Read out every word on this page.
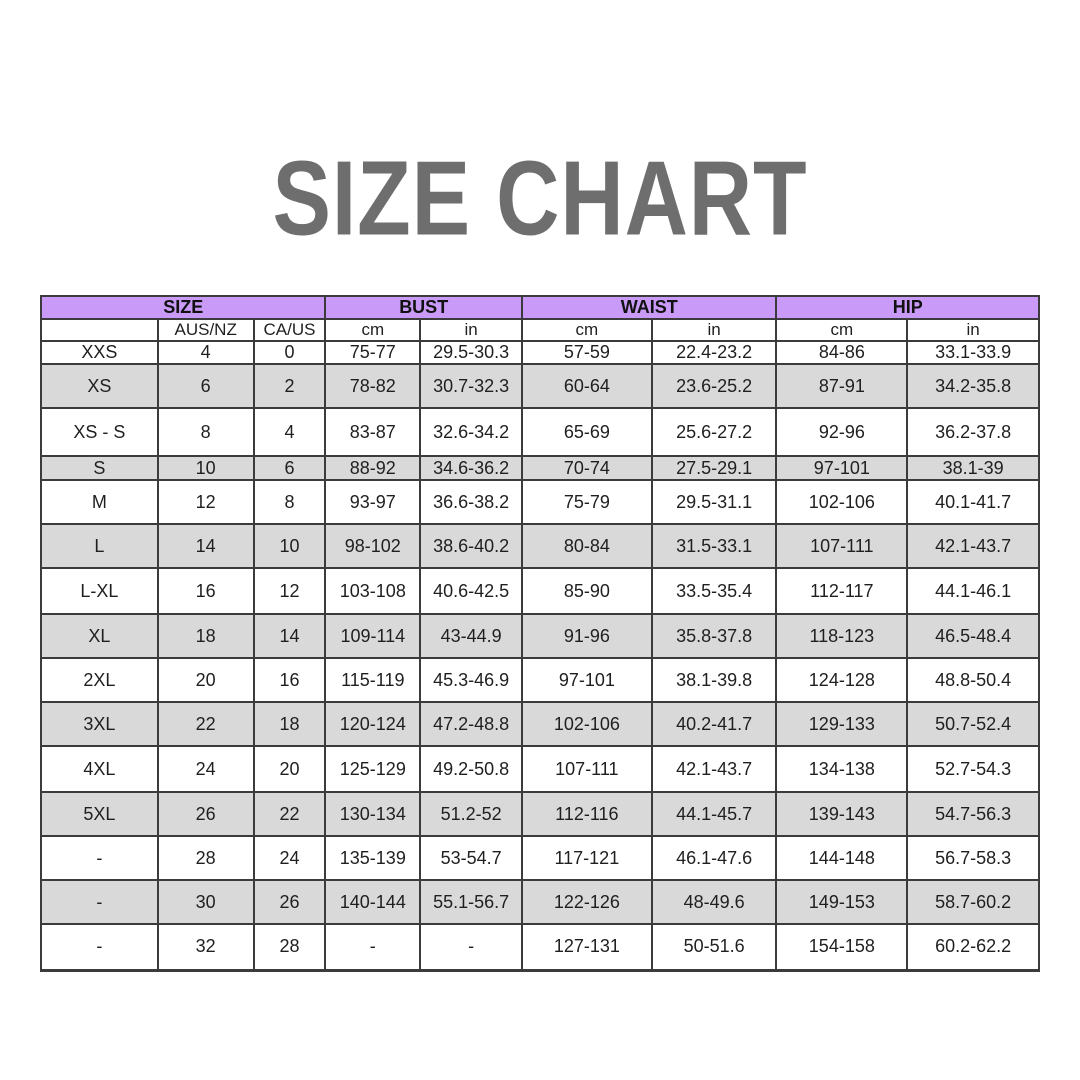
SIZE CHART
SIZE			BUST		WAIST		HIP	
	AUS/NZ	CA/US	cm	in	cm	in	cm	in
XXS	4	0	75-77	29.5-30.3	57-59	22.4-23.2	84-86	33.1-33.9
XS	6	2	78-82	30.7-32.3	60-64	23.6-25.2	87-91	34.2-35.8
XS - S	8	4	83-87	32.6-34.2	65-69	25.6-27.2	92-96	36.2-37.8
S	10	6	88-92	34.6-36.2	70-74	27.5-29.1	97-101	38.1-39
M	12	8	93-97	36.6-38.2	75-79	29.5-31.1	102-106	40.1-41.7
L	14	10	98-102	38.6-40.2	80-84	31.5-33.1	107-111	42.1-43.7
L-XL	16	12	103-108	40.6-42.5	85-90	33.5-35.4	112-117	44.1-46.1
XL	18	14	109-114	43-44.9	91-96	35.8-37.8	118-123	46.5-48.4
2XL	20	16	115-119	45.3-46.9	97-101	38.1-39.8	124-128	48.8-50.4
3XL	22	18	120-124	47.2-48.8	102-106	40.2-41.7	129-133	50.7-52.4
4XL	24	20	125-129	49.2-50.8	107-111	42.1-43.7	134-138	52.7-54.3
5XL	26	22	130-134	51.2-52	112-116	44.1-45.7	139-143	54.7-56.3
-	28	24	135-139	53-54.7	117-121	46.1-47.6	144-148	56.7-58.3
-	30	26	140-144	55.1-56.7	122-126	48-49.6	149-153	58.7-60.2
-	32	28	-	-	127-131	50-51.6	154-158	60.2-62.2
